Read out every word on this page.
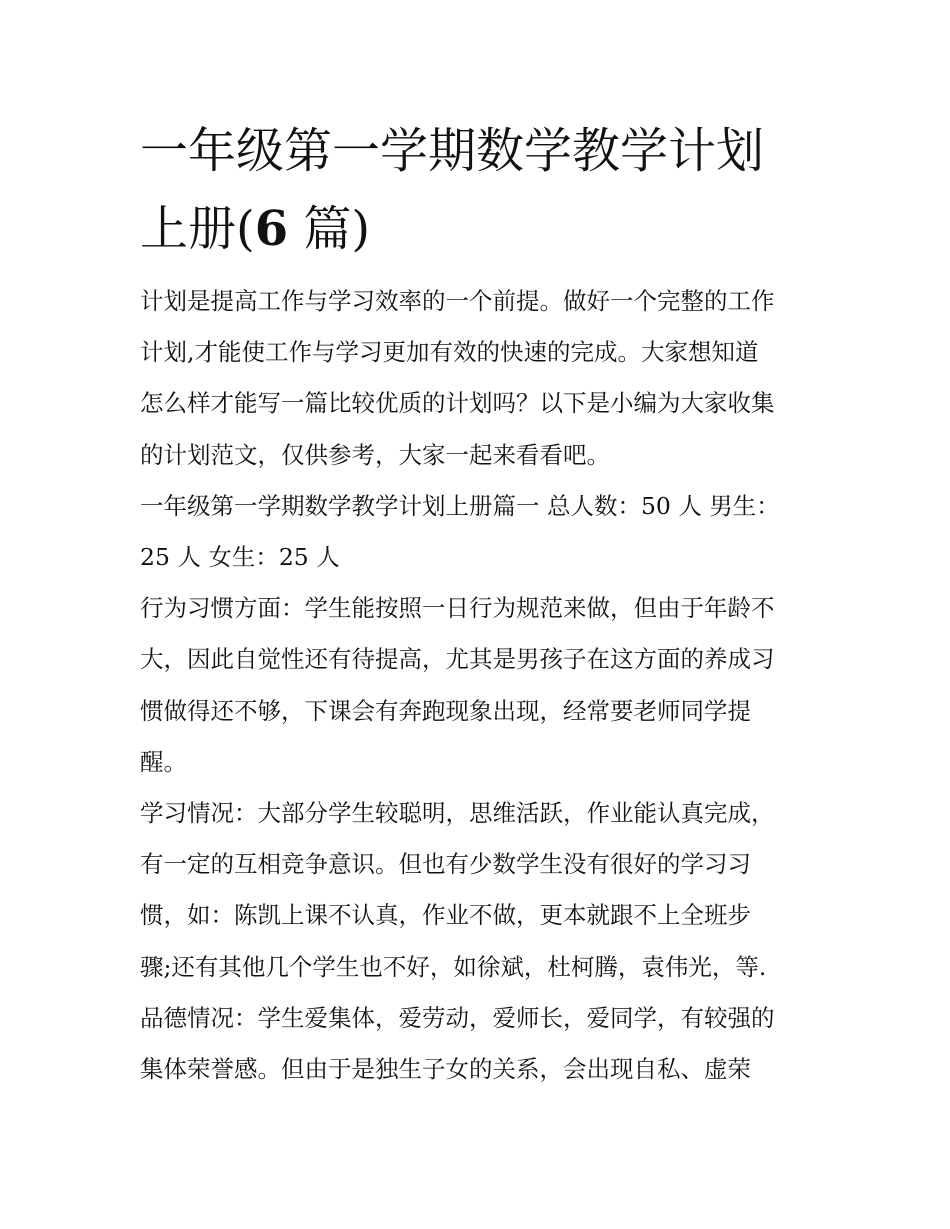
一年级第一学期数学教学计划
上册(6 篇)

计划是提高工作与学习效率的一个前提。做好一个完整的工作
计划,才能使工作与学习更加有效的快速的完成。大家想知道
怎么样才能写一篇比较优质的计划吗？以下是小编为大家收集
的计划范文，仅供参考，大家一起来看看吧。

一年级第一学期数学教学计划上册篇一 总人数：50 人 男生：
25 人 女生：25 人

行为习惯方面：学生能按照一日行为规范来做，但由于年龄不
大，因此自觉性还有待提高，尤其是男孩子在这方面的养成习
惯做得还不够，下课会有奔跑现象出现，经常要老师同学提
醒。

学习情况：大部分学生较聪明，思维活跃，作业能认真完成，
有一定的互相竞争意识。但也有少数学生没有很好的学习习
惯，如：陈凯上课不认真，作业不做，更本就跟不上全班步
骤;还有其他几个学生也不好，如徐斌，杜柯腾，袁伟光，等.

品德情况：学生爱集体，爱劳动，爱师长，爱同学，有较强的
集体荣誉感。但由于是独生子女的关系，会出现自私、虚荣
